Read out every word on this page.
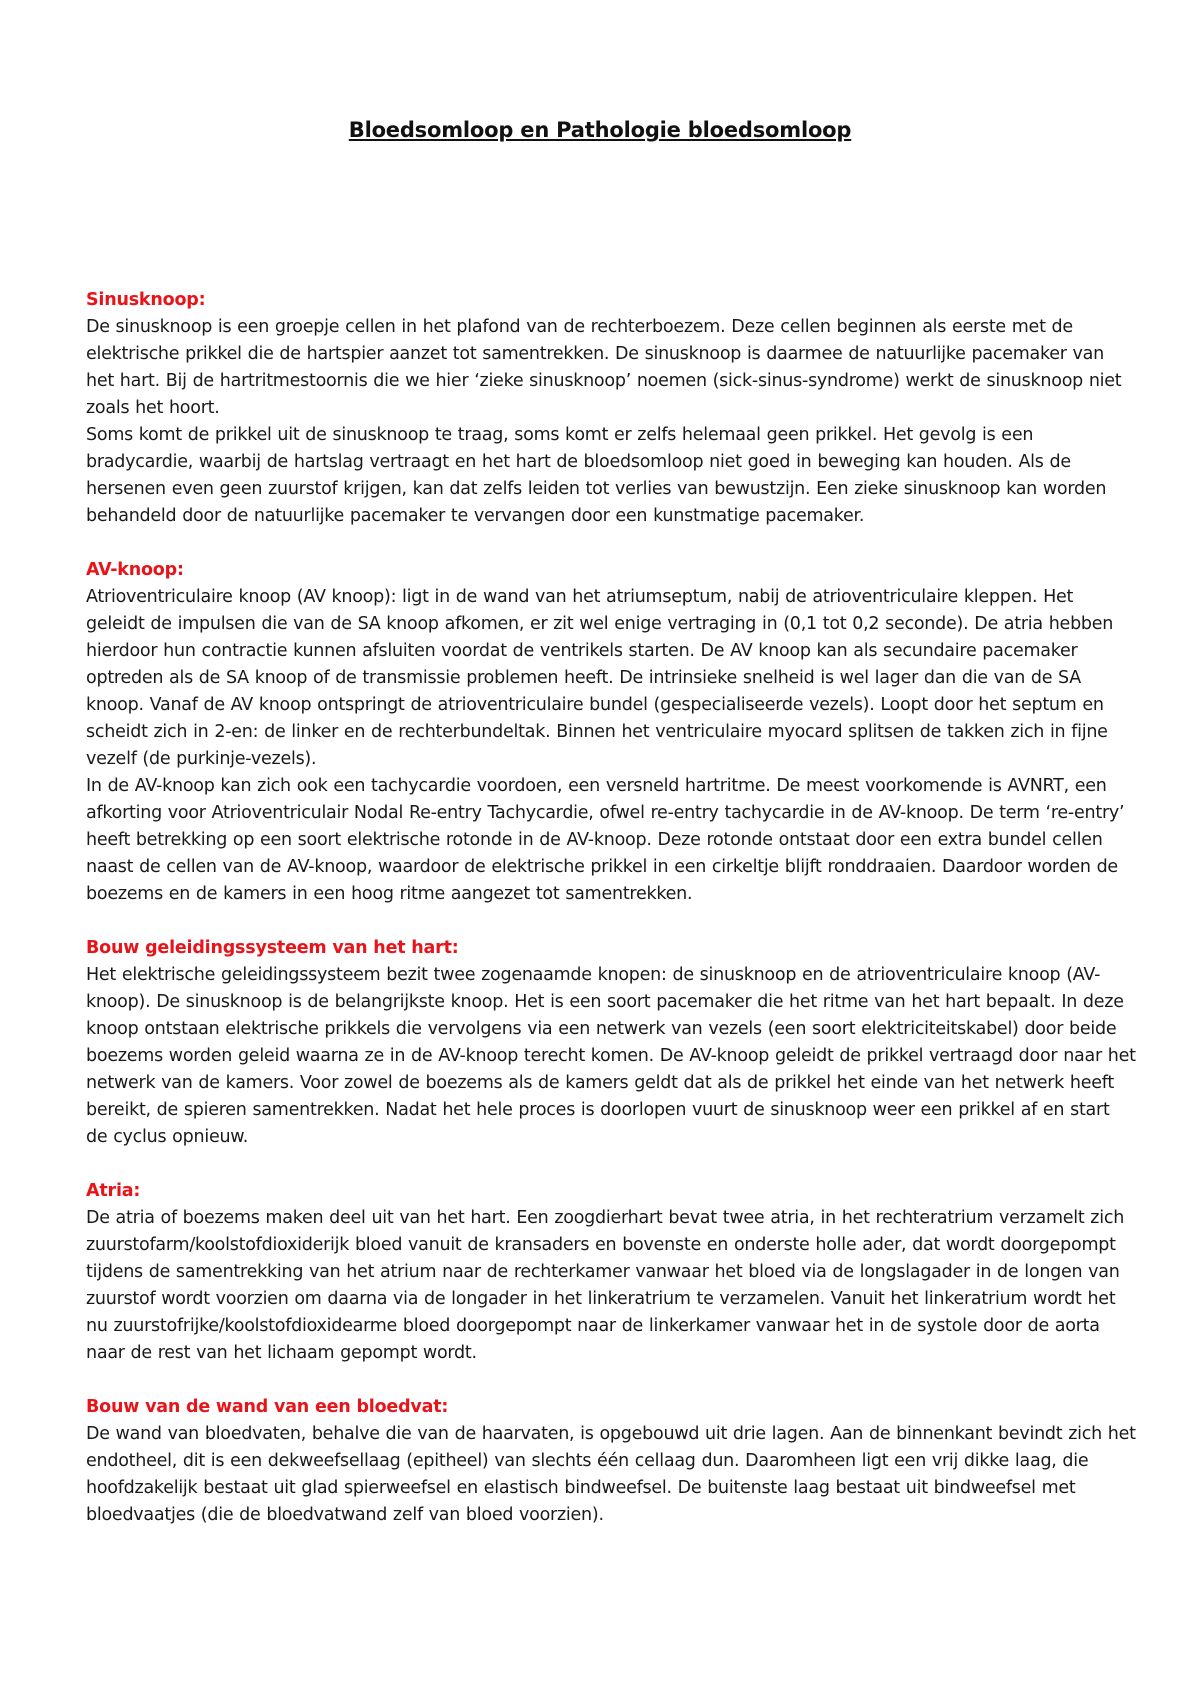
Bloedsomloop en Pathologie bloedsomloop
Sinusknoop:

De sinusknoop is een groepje cellen in het plafond van de rechterboezem. Deze cellen beginnen als eerste met de elektrische prikkel die de hartspier aanzet tot samentrekken. De sinusknoop is daarmee de natuurlijke pacemaker van het hart. Bij de hartritmestoornis die we hier ‘zieke sinusknoop’ noemen (sick-sinus-syndrome) werkt de sinusknoop niet zoals het hoort.

Soms komt de prikkel uit de sinusknoop te traag, soms komt er zelfs helemaal geen prikkel. Het gevolg is een bradycardie, waarbij de hartslag vertraagt en het hart de bloedsomloop niet goed in beweging kan houden. Als de hersenen even geen zuurstof krijgen, kan dat zelfs leiden tot verlies van bewustzijn. Een zieke sinusknoop kan worden behandeld door de natuurlijke pacemaker te vervangen door een kunstmatige pacemaker.

AV-knoop:

Atrioventriculaire knoop (AV knoop): ligt in de wand van het atriumseptum, nabij de atrioventriculaire kleppen. Het geleidt de impulsen die van de SA knoop afkomen, er zit wel enige vertraging in (0,1 tot 0,2 seconde). De atria hebben hierdoor hun contractie kunnen afsluiten voordat de ventrikels starten. De AV knoop kan als secundaire pacemaker optreden als de SA knoop of de transmissie problemen heeft. De intrinsieke snelheid is wel lager dan die van de SA knoop. Vanaf de AV knoop ontspringt de atrioventriculaire bundel (gespecialiseerde vezels). Loopt door het septum en scheidt zich in 2-en: de linker en de rechterbundeltak. Binnen het ventriculaire myocard splitsen de takken zich in fijne vezelf (de purkinje-vezels).

In de AV-knoop kan zich ook een tachycardie voordoen, een versneld hartritme. De meest voorkomende is AVNRT, een afkorting voor Atrioventriculair Nodal Re-entry Tachycardie, ofwel re-entry tachycardie in de AV-knoop. De term ‘re-entry’ heeft betrekking op een soort elektrische rotonde in de AV-knoop. Deze rotonde ontstaat door een extra bundel cellen naast de cellen van de AV-knoop, waardoor de elektrische prikkel in een cirkeltje blijft ronddraaien. Daardoor worden de boezems en de kamers in een hoog ritme aangezet tot samentrekken.

Bouw geleidingssysteem van het hart:

Het elektrische geleidingssysteem bezit twee zogenaamde knopen: de sinusknoop en de atrioventriculaire knoop (AV-knoop). De sinusknoop is de belangrijkste knoop. Het is een soort pacemaker die het ritme van het hart bepaalt. In deze knoop ontstaan elektrische prikkels die vervolgens via een netwerk van vezels (een soort elektriciteitskabel) door beide boezems worden geleid waarna ze in de AV-knoop terecht komen. De AV-knoop geleidt de prikkel vertraagd door naar het netwerk van de kamers. Voor zowel de boezems als de kamers geldt dat als de prikkel het einde van het netwerk heeft bereikt, de spieren samentrekken. Nadat het hele proces is doorlopen vuurt de sinusknoop weer een prikkel af en start de cyclus opnieuw.

Atria:

De atria of boezems maken deel uit van het hart. Een zoogdierhart bevat twee atria, in het rechteratrium verzamelt zich zuurstofarm/koolstofdioxiderijk bloed vanuit de kransaders en bovenste en onderste holle ader, dat wordt doorgepompt tijdens de samentrekking van het atrium naar de rechterkamer vanwaar het bloed via de longslagader in de longen van zuurstof wordt voorzien om daarna via de longader in het linkeratrium te verzamelen. Vanuit het linkeratrium wordt het nu zuurstofrijke/koolstofdioxidearme bloed doorgepompt naar de linkerkamer vanwaar het in de systole door de aorta naar de rest van het lichaam gepompt wordt.

Bouw van de wand van een bloedvat:

De wand van bloedvaten, behalve die van de haarvaten, is opgebouwd uit drie lagen. Aan de binnenkant bevindt zich het endotheel, dit is een dekweefsellaag (epitheel) van slechts één cellaag dun. Daaromheen ligt een vrij dikke laag, die hoofdzakelijk bestaat uit glad spierweefsel en elastisch bindweefsel. De buitenste laag bestaat uit bindweefsel met bloedvaatjes (die de bloedvatwand zelf van bloed voorzien).
